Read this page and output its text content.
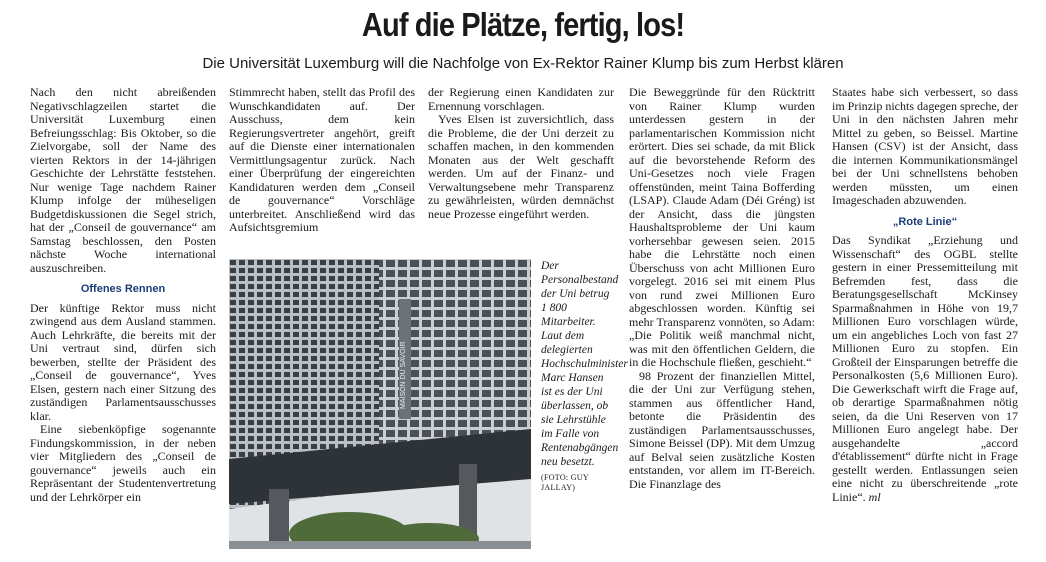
Auf die Plätze, fertig, los!

Die Universität Luxemburg will die Nachfolge von Ex-Rektor Rainer Klump bis zum Herbst klären

Nach den nicht abreißenden Negativschlagzeilen startet die Universität Luxemburg einen Befreiungsschlag: Bis Oktober, so die Zielvorgabe, soll der Name des vierten Rektors in der 14-jährigen Geschichte der Lehrstätte feststehen. Nur wenige Tage nachdem Rainer Klump infolge der müheseligen Budgetdiskussionen die Segel strich, hat der „Conseil de gouvernance“ am Samstag beschlossen, den Posten nächste Woche international auszuschreiben.

Offenes Rennen

Der künftige Rektor muss nicht zwingend aus dem Ausland stammen. Auch Lehrkräfte, die bereits mit der Uni vertraut sind, dürfen sich bewerben, stellte der Präsident des „Conseil de gouvernance“, Yves Elsen, gestern nach einer Sitzung des zuständigen Parlamentsausschusses klar.

Eine siebenköpfige sogenannte Findungskommission, in der neben vier Mitgliedern des „Conseil de gouvernance“ jeweils auch ein Repräsentant der Studentenvertretung und der Lehrkörper ein

Stimmrecht haben, stellt das Profil des Wunschkandidaten auf. Der Ausschuss, dem kein Regierungsvertreter angehört, greift auf die Dienste einer internationalen Vermittlungsagentur zurück. Nach einer Überprüfung der eingereichten Kandidaturen werden dem „Conseil de gouvernance“ Vorschläge unterbreitet. Anschließend wird das Aufsichtsgremium

der Regierung einen Kandidaten zur Ernennung vorschlagen.

Yves Elsen ist zuversichtlich, dass die Probleme, die der Uni derzeit zu schaffen machen, in den kommenden Monaten aus der Welt geschafft werden. Um auf der Finanz- und Verwaltungsebene mehr Transparenz zu gewährleisten, würden demnächst neue Prozesse eingeführt werden.

MAISON DU SAVOIR
Der Personalbestand der Uni betrug 1 800 Mitarbeiter. Laut dem delegierten Hochschulminister Marc Hansen ist es der Uni überlassen, ob sie Lehrstühle im Falle von Rentenabgängen neu besetzt.
(FOTO: GUY JALLAY)

Die Beweggründe für den Rücktritt von Rainer Klump wurden unterdessen gestern in der parlamentarischen Kommission nicht erörtert. Dies sei schade, da mit Blick auf die bevorstehende Reform des Uni-Gesetzes noch viele Fragen offenstünden, meint Taina Bofferding (LSAP). Claude Adam (Déi Gréng) ist der Ansicht, dass die jüngsten Haushaltsprobleme der Uni kaum vorhersehbar gewesen seien. 2015 habe die Lehrstätte noch einen Überschuss von acht Millionen Euro vorgelegt. 2016 sei mit einem Plus von rund zwei Millionen Euro abgeschlossen worden. Künftig sei mehr Transparenz vonnöten, so Adam: „Die Politik weiß manchmal nicht, was mit den öffentlichen Geldern, die in die Hochschule fließen, geschieht.“

98 Prozent der finanziellen Mittel, die der Uni zur Verfügung stehen, stammen aus öffentlicher Hand, betonte die Präsidentin des zuständigen Parlamentsausschusses, Simone Beissel (DP). Mit dem Umzug auf Belval seien zusätzliche Kosten entstanden, vor allem im IT-Bereich. Die Finanzlage des

Staates habe sich verbessert, so dass im Prinzip nichts dagegen spreche, der Uni in den nächsten Jahren mehr Mittel zu geben, so Beissel. Martine Hansen (CSV) ist der Ansicht, dass die internen Kommunikationsmängel bei der Uni schnellstens behoben werden müssten, um einen Imageschaden abzuwenden.

„Rote Linie“

Das Syndikat „Erziehung und Wissenschaft“ des OGBL stellte gestern in einer Pressemitteilung mit Befremden fest, dass die Beratungsgesellschaft McKinsey Sparmaßnahmen in Höhe von 19,7 Millionen Euro vorschlagen würde, um ein angebliches Loch von fast 27 Millionen Euro zu stopfen. Ein Großteil der Einsparungen betreffe die Personalkosten (5,6 Millionen Euro). Die Gewerkschaft wirft die Frage auf, ob derartige Sparmaßnahmen nötig seien, da die Uni Reserven von 17 Millionen Euro angelegt habe. Der ausgehandelte „accord d'établissement“ dürfte nicht in Frage gestellt werden. Entlassungen seien eine nicht zu überschreitende „rote Linie“. ml
